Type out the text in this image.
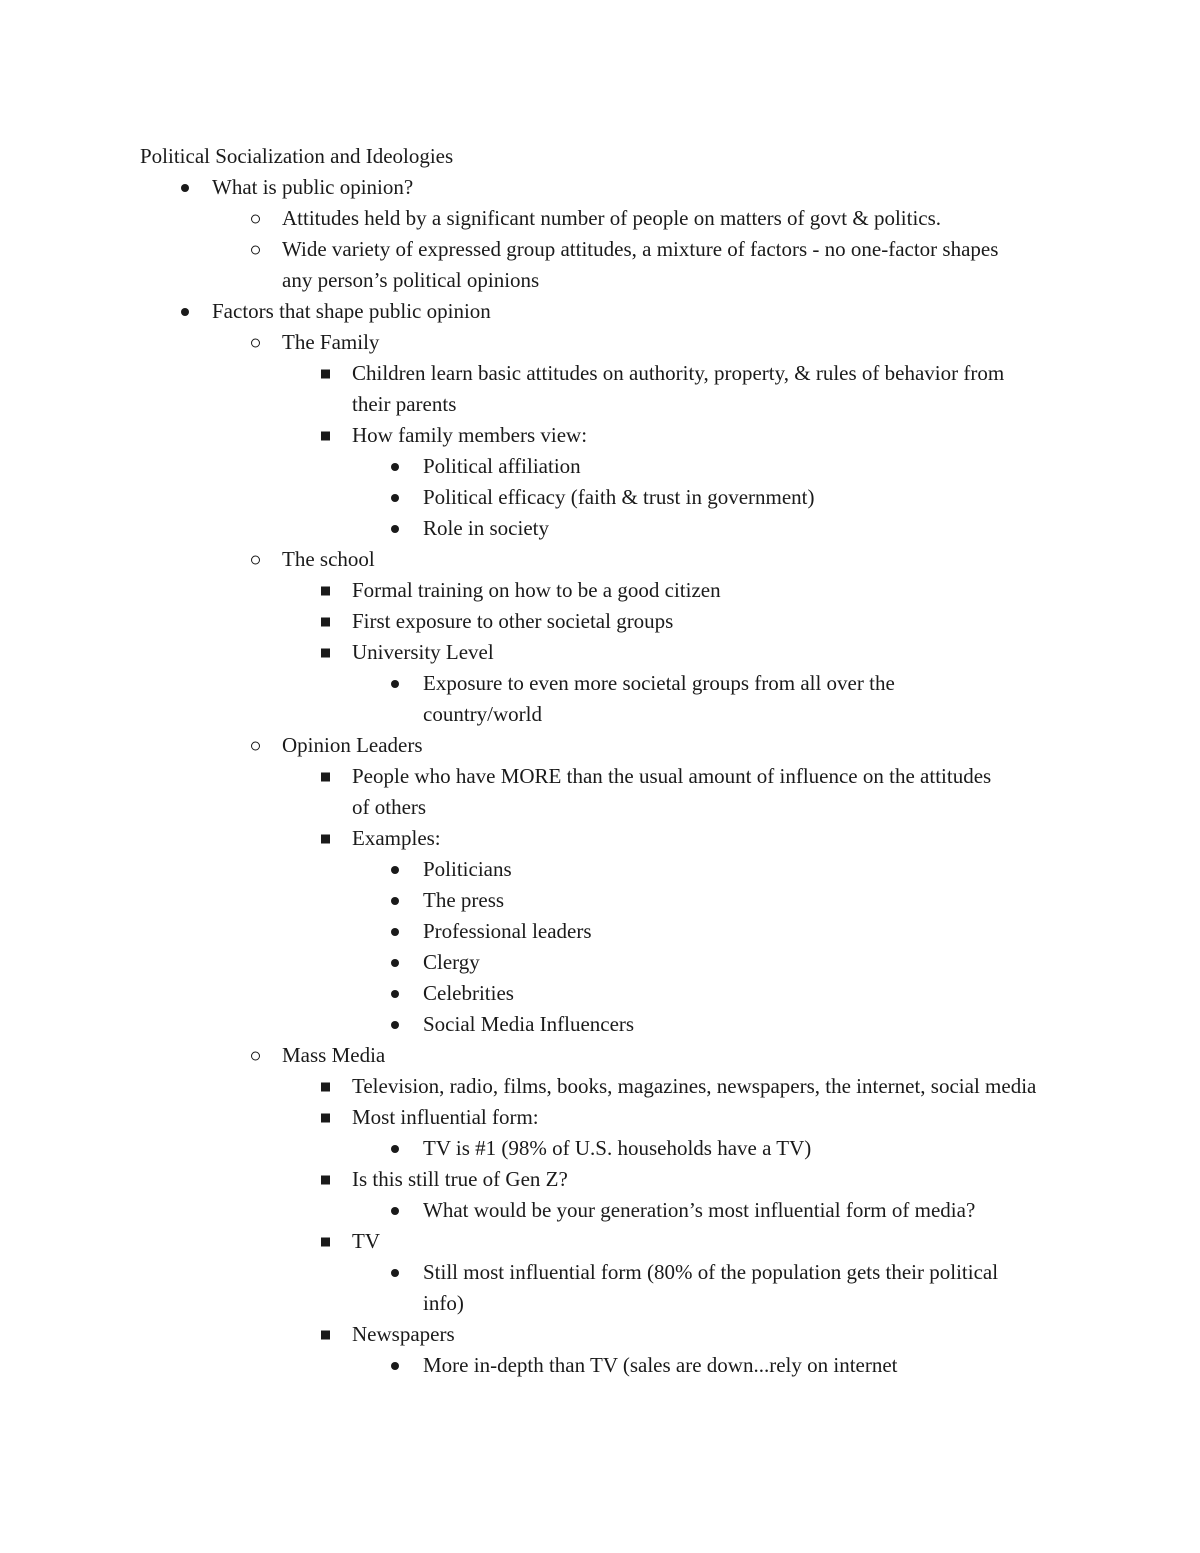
Political Socialization and Ideologies
What is public opinion?
Attitudes held by a significant number of people on matters of govt & politics.
Wide variety of expressed group attitudes, a mixture of factors - no one-factor shapes any person’s political opinions
Factors that shape public opinion
The Family
Children learn basic attitudes on authority, property, & rules of behavior from their parents
How family members view:
Political affiliation
Political efficacy (faith & trust in government)
Role in society
The school
Formal training on how to be a good citizen
First exposure to other societal groups
University Level
Exposure to even more societal groups from all over the country/world
Opinion Leaders
People who have MORE than the usual amount of influence on the attitudes of others
Examples:
Politicians
The press
Professional leaders
Clergy
Celebrities
Social Media Influencers
Mass Media
Television, radio, films, books, magazines, newspapers, the internet, social media
Most influential form:
TV is #1 (98% of U.S. households have a TV)
Is this still true of Gen Z?
What would be your generation’s most influential form of media?
TV
Still most influential form (80% of the population gets their political info)
Newspapers
More in-depth than TV (sales are down...rely on internet
